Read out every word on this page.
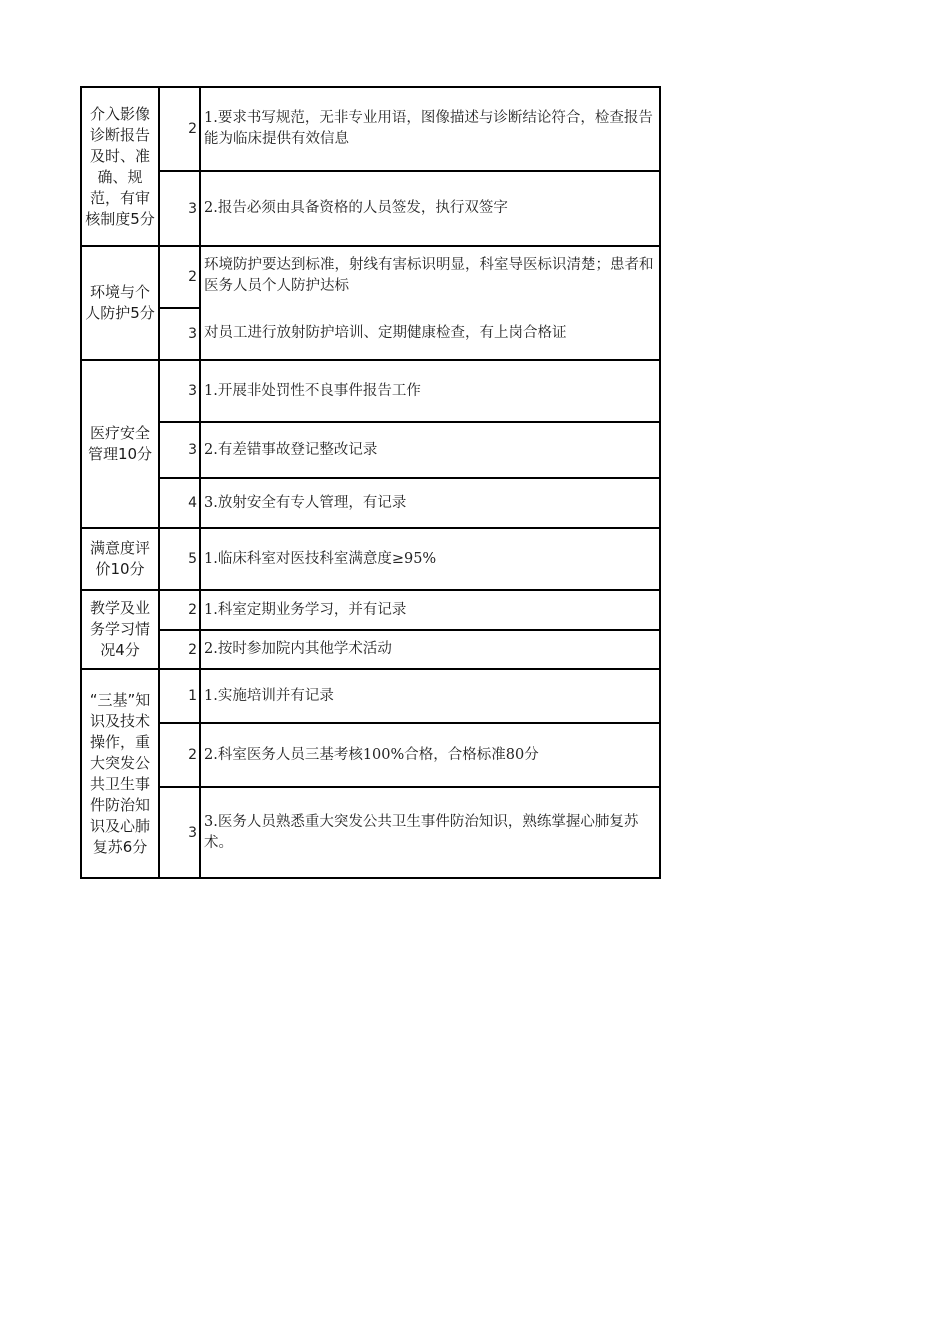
介入影像诊断报告及时、准确、规范，有审核制度5分
2
1.要求书写规范，无非专业用语，图像描述与诊断结论符合，检查报告能为临床提供有效信息
3 2.报告必须由具备资格的人员签发，执行双签字
环境与个人防护5分
2
环境防护要达到标准，射线有害标识明显，科室导医标识清楚；患者和医务人员个人防护达标
对员工进行放射防护培训、定期健康检查，有上岗合格证
3
医疗安全管理10分
3 1.开展非处罚性不良事件报告工作
3 2.有差错事故登记整改记录
4 3.放射安全有专人管理，有记录
满意度评价10分
5 1.临床科室对医技科室满意度≥95%
教学及业务学习情况4分
2 1.科室定期业务学习，并有记录
2 2.按时参加院内其他学术活动
“三基”知识及技术操作，重大突发公共卫生事件防治知识及心肺复苏6分
1 1.实施培训并有记录
2 2.科室医务人员三基考核100%合格，合格标准80分
3
3.医务人员熟悉重大突发公共卫生事件防治知识，熟练掌握心肺复苏术。
